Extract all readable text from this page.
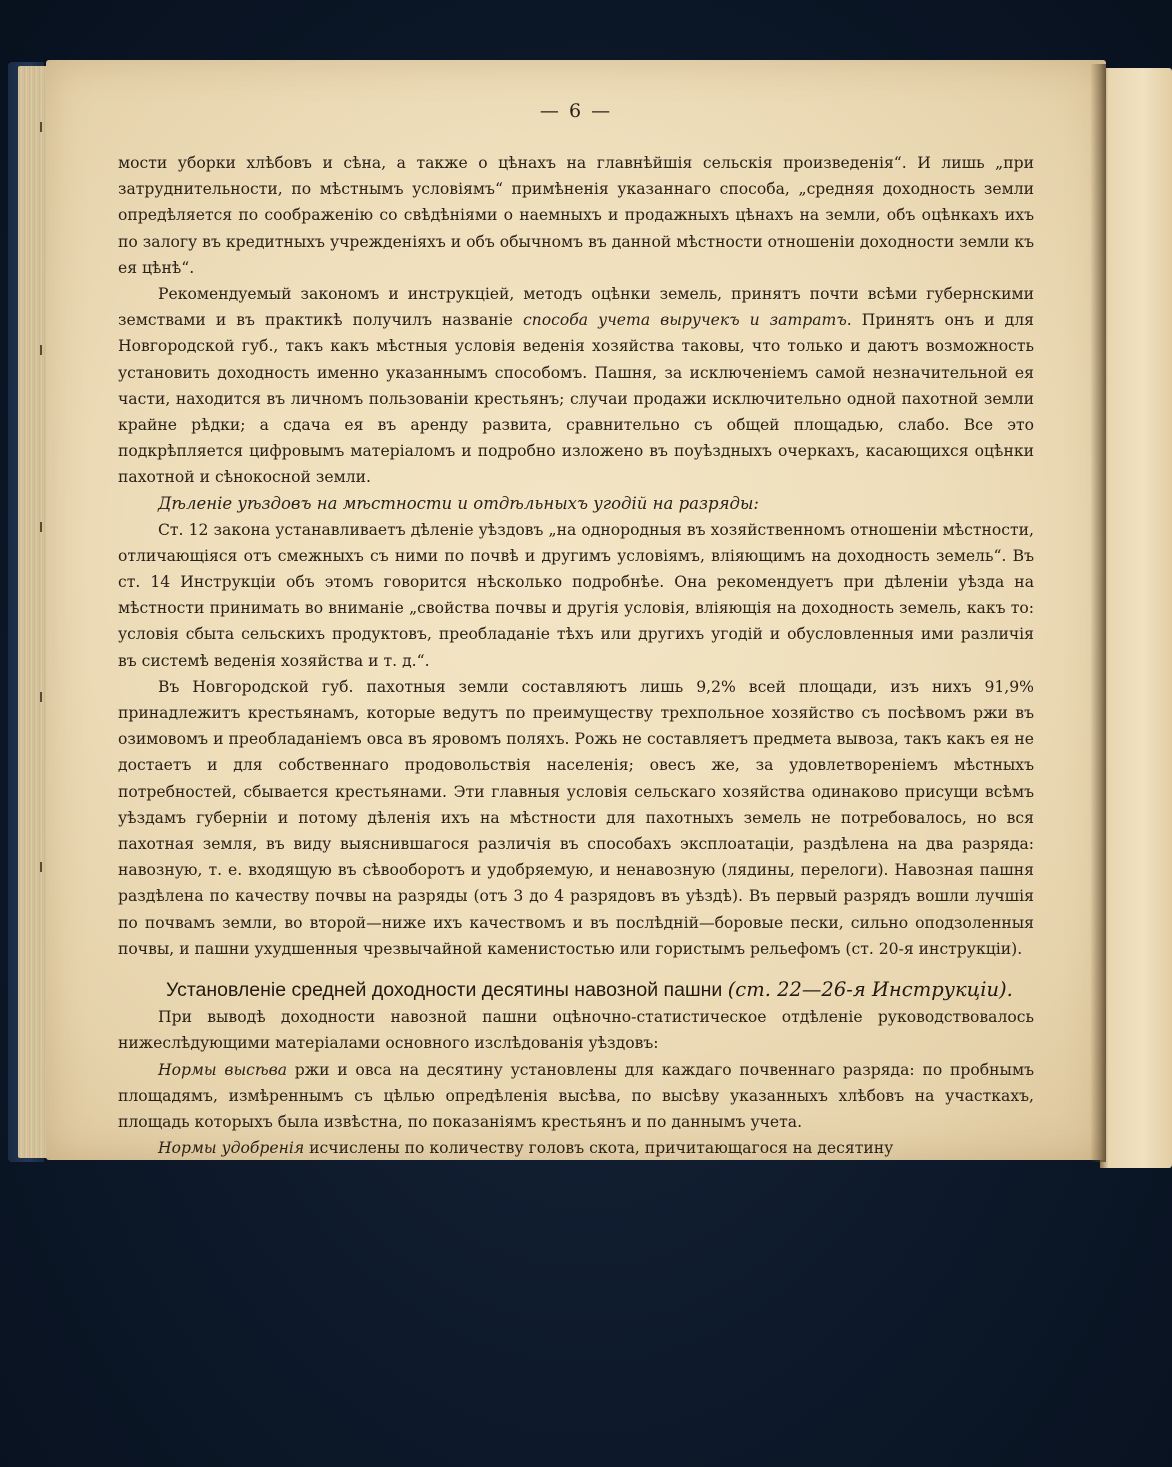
— 6 —

мости уборки хлѣбовъ и сѣна, а также о цѣнахъ на главнѣйшія сельскія произведенія“. И лишь „при затруднительности, по мѣстнымъ условіямъ“ примѣненія указаннаго способа, „средняя доходность земли опредѣляется по соображенію со свѣдѣніями о наемныхъ и продажныхъ цѣнахъ на земли, объ оцѣнкахъ ихъ по залогу въ кредитныхъ учрежденіяхъ и объ обычномъ въ данной мѣстности отношеніи доходности земли къ ея цѣнѣ“.

Рекомендуемый закономъ и инструкціей, методъ оцѣнки земель, принятъ почти всѣми губернскими земствами и въ практикѣ получилъ названіе способа учета выручекъ и затратъ. Принятъ онъ и для Новгородской губ., такъ какъ мѣстныя условія веденія хозяйства таковы, что только и даютъ возможность установить доходность именно указаннымъ способомъ. Пашня, за исключеніемъ самой незначительной ея части, находится въ личномъ пользованіи крестьянъ; случаи продажи исключительно одной пахотной земли крайне рѣдки; а сдача ея въ аренду развита, сравнительно съ общей площадью, слабо. Все это подкрѣпляется цифровымъ матеріаломъ и подробно изложено въ поуѣздныхъ очеркахъ, касающихся оцѣнки пахотной и сѣнокосной земли.

Дѣленіе уѣздовъ на мѣстности и отдѣльныхъ угодій на разряды:

Ст. 12 закона устанавливаетъ дѣленіе уѣздовъ „на однородныя въ хозяйственномъ отношеніи мѣстности, отличающіяся отъ смежныхъ съ ними по почвѣ и другимъ условіямъ, вліяющимъ на доходность земель“. Въ ст. 14 Инструкціи объ этомъ говорится нѣсколько подробнѣе. Она рекомендуетъ при дѣленіи уѣзда на мѣстности принимать во вниманіе „свойства почвы и другія условія, вліяющія на доходность земель, какъ то: условія сбыта сельскихъ продуктовъ, преобладаніе тѣхъ или другихъ угодій и обусловленныя ими различія въ системѣ веденія хозяйства и т. д.“.

Въ Новгородской губ. пахотныя земли составляютъ лишь 9,2% всей площади, изъ нихъ 91,9% принадлежитъ крестьянамъ, которые ведутъ по преимуществу трехпольное хозяйство съ посѣвомъ ржи въ озимовомъ и преобладаніемъ овса въ яровомъ поляхъ. Рожь не составляетъ предмета вывоза, такъ какъ ея не достаетъ и для собственнаго продовольствія населенія; овесъ же, за удовлетвореніемъ мѣстныхъ потребностей, сбывается крестьянами. Эти главныя условія сельскаго хозяйства одинаково присущи всѣмъ уѣздамъ губерніи и потому дѣленія ихъ на мѣстности для пахотныхъ земель не потребовалось, но вся пахотная земля, въ виду выяснившагося различія въ способахъ эксплоатаціи, раздѣлена на два разряда: навозную, т. е. входящую въ сѣвооборотъ и удобряемую, и ненавозную (лядины, перелоги). Навозная пашня раздѣлена по качеству почвы на разряды (отъ 3 до 4 разрядовъ въ уѣздѣ). Въ первый разрядъ вошли лучшія по почвамъ земли, во второй—ниже ихъ качествомъ и въ послѣдній—боровые пески, сильно оподзоленныя почвы, и пашни ухудшенныя чрезвычайной каменистостью или гористымъ рельефомъ (ст. 20-я инструкціи).

Установленіе средней доходности десятины навозной пашни (ст. 22—26-я Инструкціи).

При выводѣ доходности навозной пашни оцѣночно-статистическое отдѣленіе руководствовалось нижеслѣдующими матеріалами основного изслѣдованія уѣздовъ:

Нормы высѣва ржи и овса на десятину установлены для каждаго почвеннаго разряда: по пробнымъ площадямъ, измѣреннымъ съ цѣлью опредѣленія высѣва, по высѣву указанныхъ хлѣбовъ на участкахъ, площадь которыхъ была извѣстна, по показаніямъ крестьянъ и по даннымъ учета.

Нормы удобренія исчислены по количеству головъ скота, причитающагося на десятину
